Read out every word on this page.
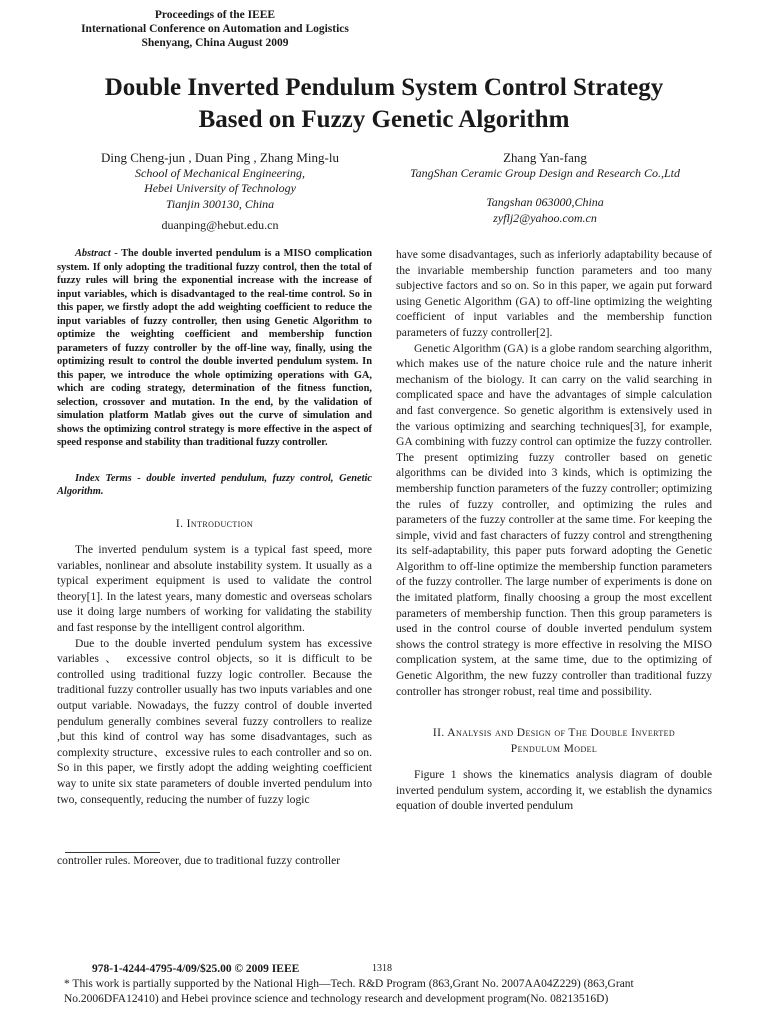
Proceedings of the IEEE
International Conference on Automation and Logistics
Shenyang, China August 2009
Double Inverted Pendulum System Control Strategy
Based on Fuzzy Genetic Algorithm
Ding Cheng-jun , Duan Ping , Zhang Ming-lu
School of Mechanical Engineering,
Hebei University of Technology
Tianjin 300130, China
duanping@hebut.edu.cn
Zhang Yan-fang
TangShan Ceramic Group Design and Research Co.,Ltd
Tangshan 063000,China
zyflj2@yahoo.com.cn

Abstract - The double inverted pendulum is a MISO complication system. If only adopting the traditional fuzzy control, then the total of fuzzy rules will bring the exponential increase with the increase of input variables, which is disadvantaged to the real-time control. So in this paper, we firstly adopt the add weighting coefficient to reduce the input variables of fuzzy controller, then using Genetic Algorithm to optimize the weighting coefficient and membership function parameters of fuzzy controller by the off-line way, finally, using the optimizing result to control the double inverted pendulum system. In this paper, we introduce the whole optimizing operations with GA, which are coding strategy, determination of the fitness function, selection, crossover and mutation. In the end, by the validation of simulation platform Matlab gives out the curve of simulation and shows the optimizing control strategy is more effective in the aspect of speed response and stability than traditional fuzzy controller.

Index Terms - double inverted pendulum, fuzzy control, Genetic Algorithm.

I. Introduction

The inverted pendulum system is a typical fast speed, more variables, nonlinear and absolute instability system. It usually as a typical experiment equipment is used to validate the control theory[1]. In the latest years, many domestic and overseas scholars use it doing large numbers of working for validating the stability and fast response by the intelligent control algorithm.

Due to the double inverted pendulum system has excessive variables 、 excessive control objects, so it is difficult to be controlled using traditional fuzzy logic controller. Because the traditional fuzzy controller usually has two inputs variables and one output variable. Nowadays, the fuzzy control of double inverted pendulum generally combines several fuzzy controllers to realize ,but this kind of control way has some disadvantages, such as complexity structure、excessive rules to each controller and so on. So in this paper, we firstly adopt the adding weighting coefficient way to unite six state parameters of double inverted pendulum into two, consequently, reducing the number of fuzzy logic

controller rules. Moreover, due to traditional fuzzy controller

have some disadvantages, such as inferiorly adaptability because of the invariable membership function parameters and too many subjective factors and so on. So in this paper, we again put forward using Genetic Algorithm (GA) to off-line optimizing the weighting coefficient of input variables and the membership function parameters of fuzzy controller[2].

Genetic Algorithm (GA) is a globe random searching algorithm, which makes use of the nature choice rule and the nature inherit mechanism of the biology. It can carry on the valid searching in complicated space and have the advantages of simple calculation and fast convergence. So genetic algorithm is extensively used in the various optimizing and searching techniques[3], for example, GA combining with fuzzy control can optimize the fuzzy controller. The present optimizing fuzzy controller based on genetic algorithms can be divided into 3 kinds, which is optimizing the membership function parameters of the fuzzy controller; optimizing the rules of fuzzy controller, and optimizing the rules and parameters of the fuzzy controller at the same time. For keeping the simple, vivid and fast characters of fuzzy control and strengthening its self-adaptability, this paper puts forward adopting the Genetic Algorithm to off-line optimize the membership function parameters of the fuzzy controller. The large number of experiments is done on the imitated platform, finally choosing a group the most excellent parameters of membership function. Then this group parameters is used in the control course of double inverted pendulum system shows the control strategy is more effective in resolving the MISO complication system, at the same time, due to the optimizing of Genetic Algorithm, the new fuzzy controller than traditional fuzzy controller has stronger robust, real time and possibility.

II. Analysis and Design of The Double Inverted
Pendulum Model

Figure 1 shows the kinematics analysis diagram of double inverted pendulum system, according it, we establish the dynamics equation of double inverted pendulum

978-1-4244-4795-4/09/$25.00 © 2009 IEEE	1318
* This work is partially supported by the National High—Tech. R&D Program (863,Grant No. 2007AA04Z229) (863,Grant No.2006DFA12410) and Hebei province science and technology research and development program(No. 08213516D)
